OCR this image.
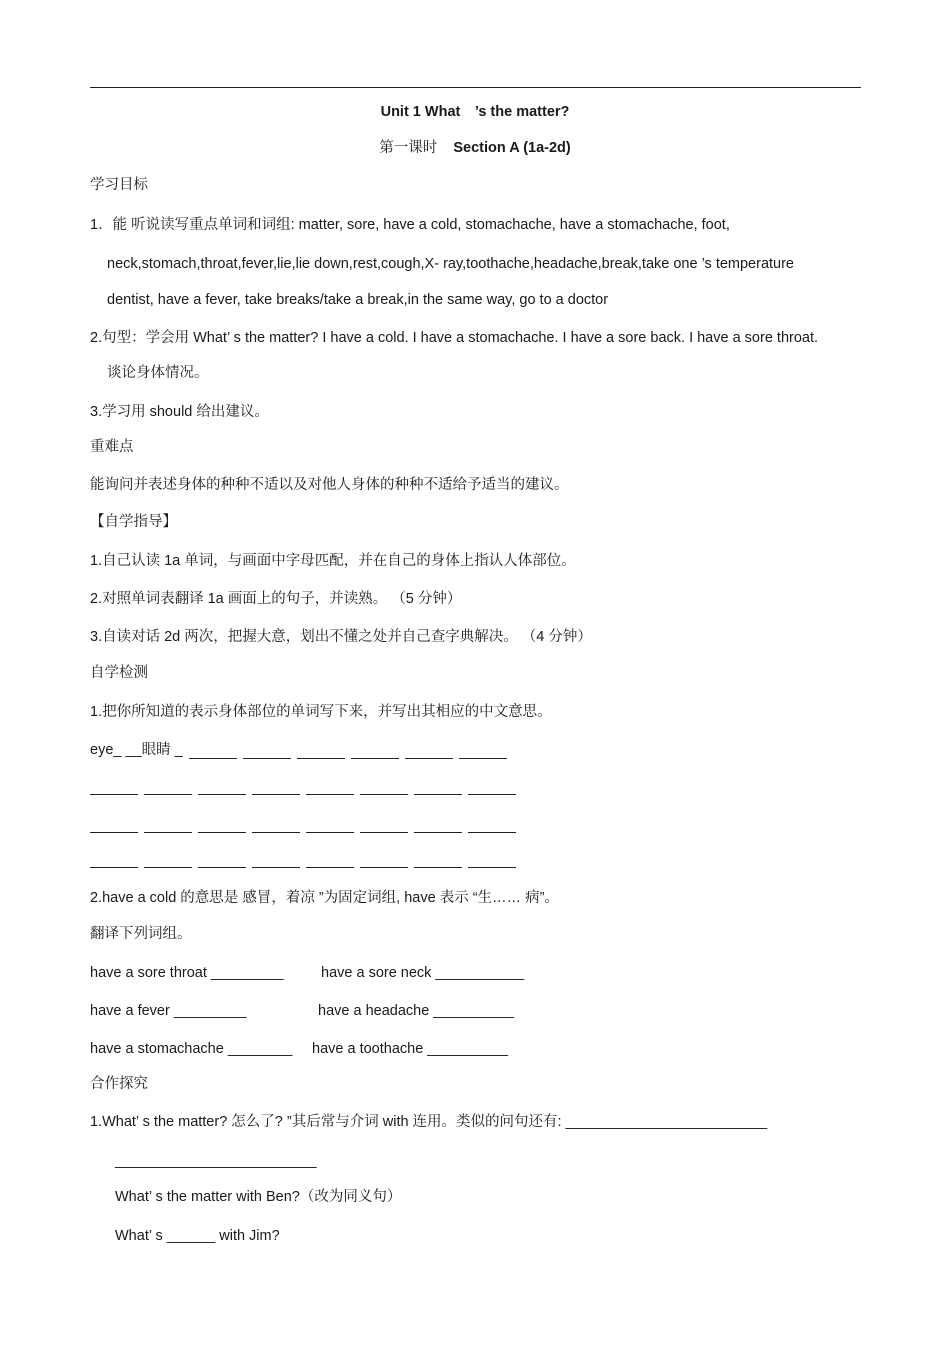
Unit 1 What　’s the matter?
第一课时 Section A (1a-2d)
学习目标
1．能 听说读写重点单词和词组: matter, sore, have a cold, stomachache, have a stomachache, foot,
neck,stomach,throat,fever,lie,lie down,rest,cough,X- ray,toothache,headache,break,take one ’s temperature
dentist, have a fever, take breaks/take a break,in the same way, go to a doctor
2.句型：学会用 What’ s the matter? I have a cold. I have a stomachache. I have a sore back. I have a sore throat.
谈论身体情况。
3.学习用 should 给出建议。
重难点
能询问并表述身体的种种不适以及对他人身体的种种不适给予适当的建议。
【自学指导】
1.自己认读 1a 单词，与画面中字母匹配，并在自己的身体上指认人体部位。
2.对照单词表翻译 1a 画面上的句子，并读熟。 （5 分钟）
3.自读对话 2d 两次，把握大意，划出不懂之处并自己查字典解决。 （4 分钟）
自学检测
1.把你所知道的表示身体部位的单词写下来，并写出其相应的中文意思。
eye_ __眼睛 _
2.have a cold 的意思是 感冒，着凉 ”为固定词组, have 表示 “生…… 病”。
翻译下列词组。
have a sore throat _________	have a sore neck ___________
have a fever _________	have a headache __________
have a stomachache ________ have a toothache __________
合作探究
1.What’ s the matter? 怎么了? ”其后常与介词 with 连用。类似的问句还有: _________________________
_________________________
What’ s the matter with Ben?（改为同义句）
What’ s ______ with Jim?
